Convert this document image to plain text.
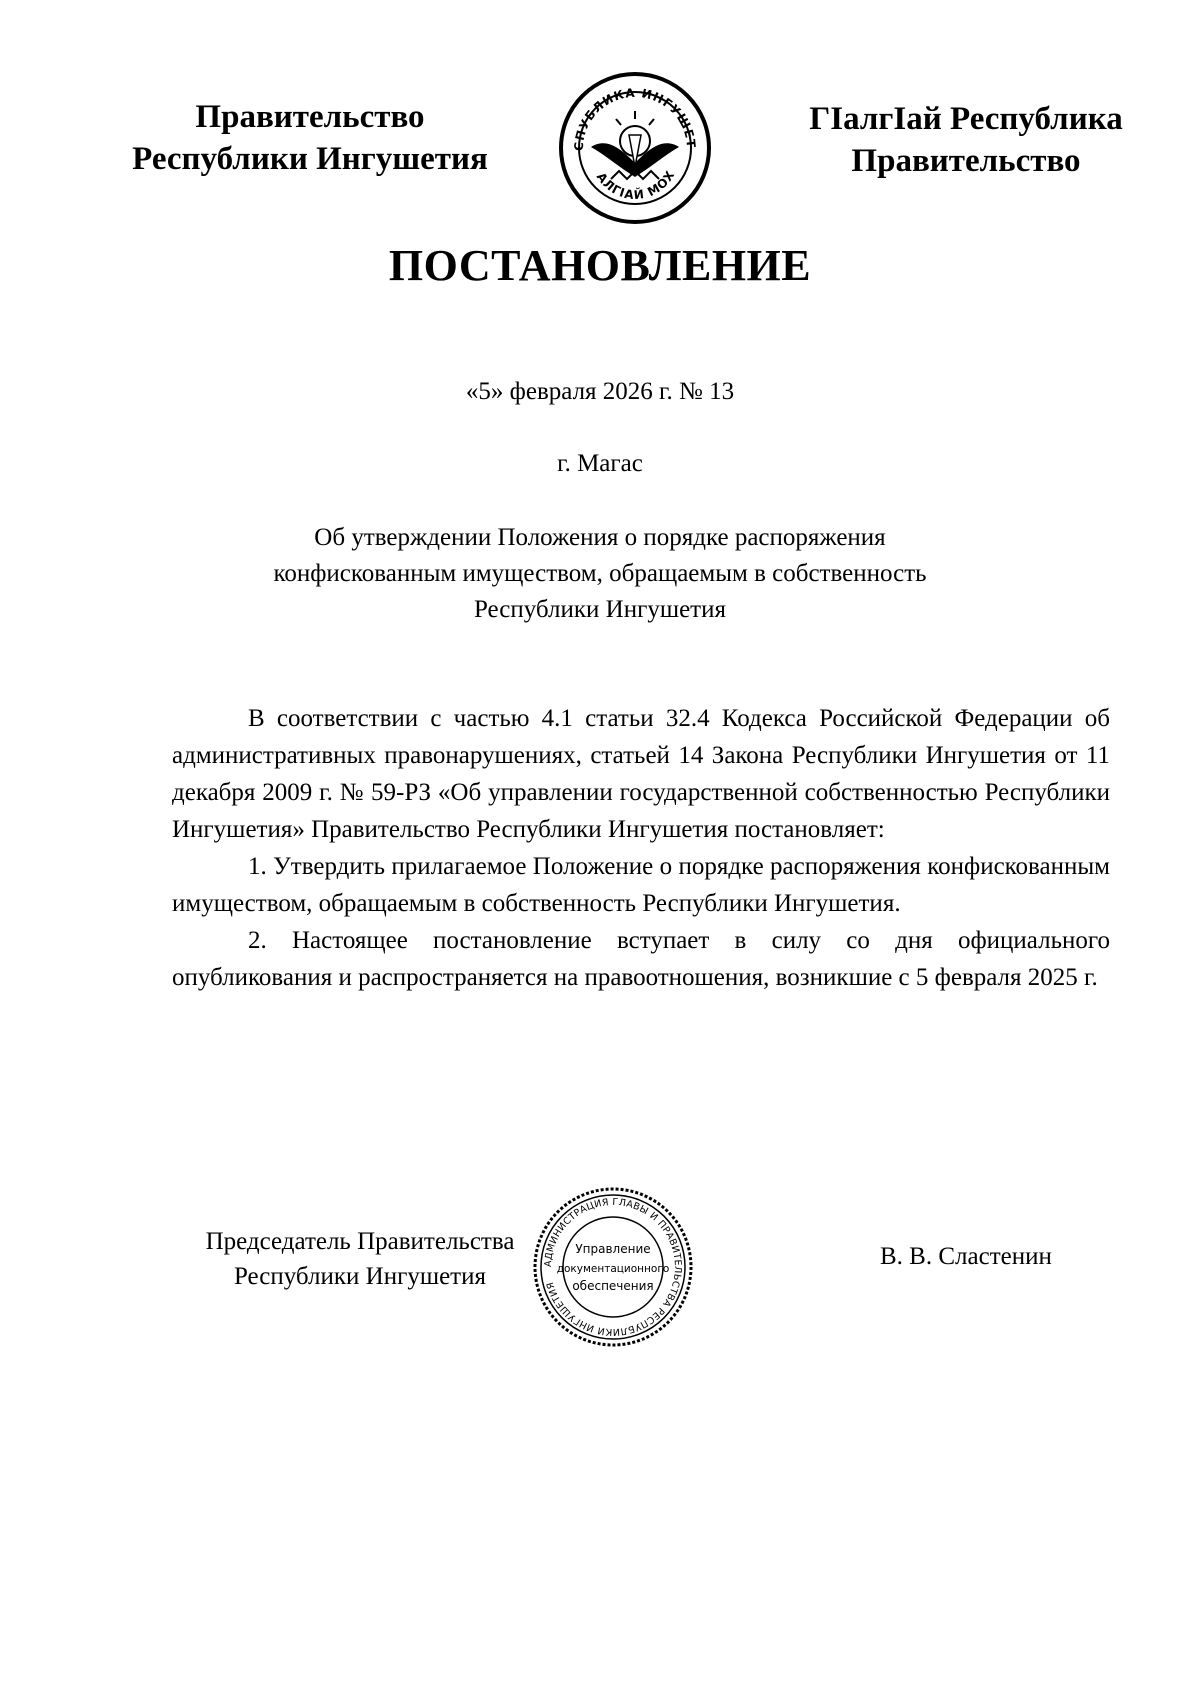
Правительство
Республики Ингушетия	СПУБЛИКА ИНГУШЕТ
АЛГIАЙ МОХ
ГIалгIай Республика
Правительство
ПОСТАНОВЛЕНИЕ
«5» февраля 2026 г. № 13
г. Магас
Об утверждении Положения о порядке распоряжения
конфискованным имуществом, обращаемым в собственность
Республики Ингушетия

В соответствии с частью 4.1 статьи 32.4 Кодекса Российской Федерации об административных правонарушениях, статьей 14 Закона Республики Ингушетия от 11 декабря 2009 г. № 59-РЗ «Об управлении государственной собственностью Республики Ингушетия» Правительство Республики Ингушетия постановляет:

1. Утвердить прилагаемое Положение о порядке распоряжения конфискованным имуществом, обращаемым в собственность Республики Ингушетия.

2. Настоящее постановление вступает в силу со дня официального опубликования и распространяется на правоотношения, возникшие с 5 февраля 2025 г.

Председатель Правительства
Республики Ингушетия	АДМИНИСТРАЦИЯ ГЛАВЫ И ПРАВИТЕЛЬСТВА РЕСПУБЛИКИ ИНГУШЕТИЯ
Управление
документационного
обеспечения
В. В. Сластенин
